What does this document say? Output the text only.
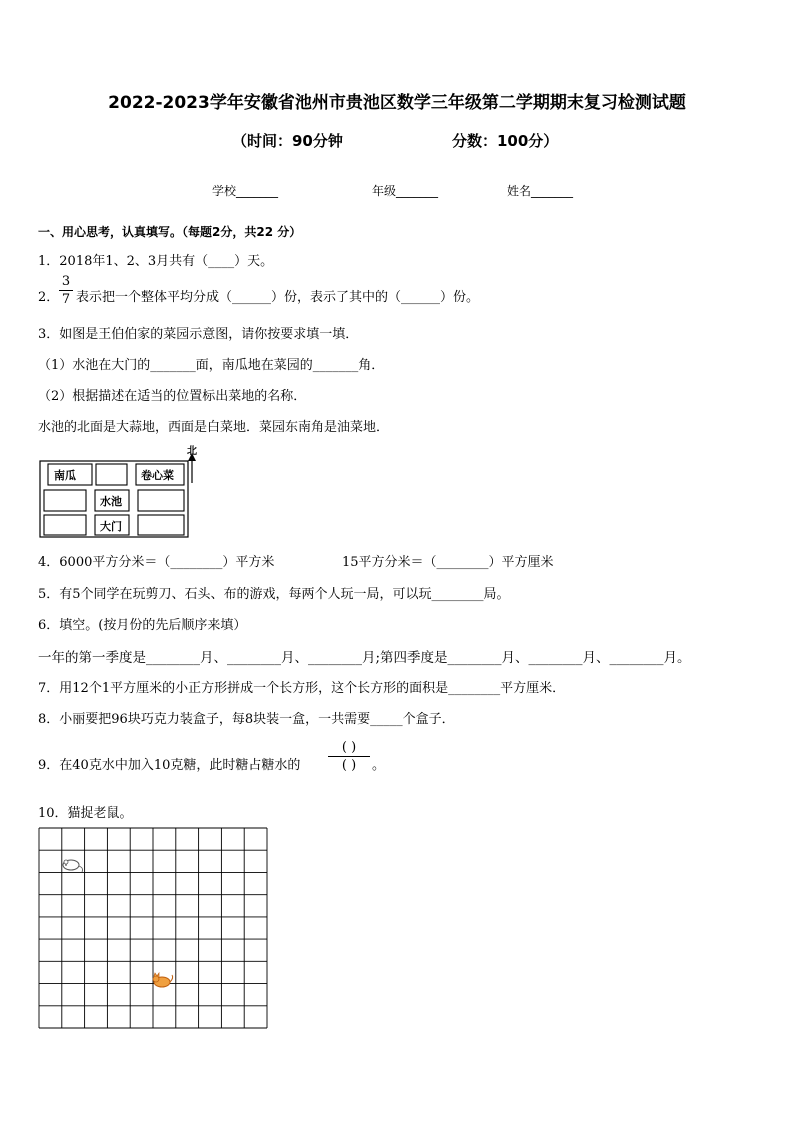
2022-2023学年安徽省池州市贵池区数学三年级第二学期期末复习检测试题
（时间：90分钟	分数：100分）
学校_______	年级_______	姓名_______
一、用心思考，认真填写。（每题2分，共22 分）
1．2018年1、2、3月共有（____）天。
2．
3
7 表示把一个整体平均分成（______）份，表示了其中的（______）份。
3．如图是王伯伯家的菜园示意图，请你按要求填一填．
（1）水池在大门的_______面，南瓜地在菜园的_______角．
（2）根据描述在适当的位置标出菜地的名称．
水池的北面是大蒜地，西面是白菜地．菜园东南角是油菜地．
南瓜	卷心菜
水池
大门
北
4．6000平方分米＝（________）平方米	15平方分米＝（________）平方厘米
5．有5个同学在玩剪刀、石头、布的游戏，每两个人玩一局，可以玩________局。
6．填空。(按月份的先后顺序来填）
一年的第一季度是________月、________月、________月;第四季度是________月、________月、________月。
7．用12个1平方厘米的小正方形拼成一个长方形，这个长方形的面积是________平方厘米．
8．小丽要把96块巧克力装盒子，每8块装一盒，一共需要_____个盒子．
9．在40克水中加入10克糖，此时糖占糖水的
( )
( )	。
10．猫捉老鼠。
